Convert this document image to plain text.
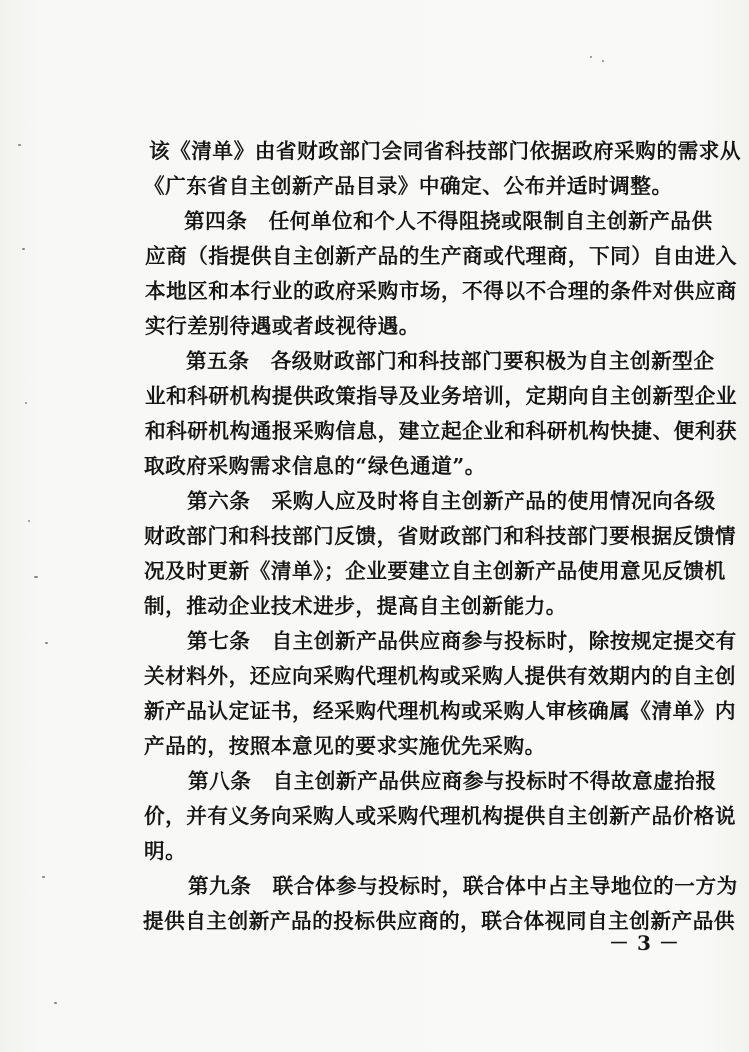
该《清单》由省财政部门会同省科技部门依据政府采购的需求从
《广东省自主创新产品目录》中确定、公布并适时调整。
第四条　任何单位和个人不得阻挠或限制自主创新产品供
应商（指提供自主创新产品的生产商或代理商，下同）自由进入
本地区和本行业的政府采购市场，不得以不合理的条件对供应商
实行差别待遇或者歧视待遇。
第五条　各级财政部门和科技部门要积极为自主创新型企
业和科研机构提供政策指导及业务培训，定期向自主创新型企业
和科研机构通报采购信息，建立起企业和科研机构快捷、便利获
取政府采购需求信息的“绿色通道”。
第六条　采购人应及时将自主创新产品的使用情况向各级
财政部门和科技部门反馈，省财政部门和科技部门要根据反馈情
况及时更新《清单》；企业要建立自主创新产品使用意见反馈机
制，推动企业技术进步，提高自主创新能力。
第七条　自主创新产品供应商参与投标时，除按规定提交有
关材料外，还应向采购代理机构或采购人提供有效期内的自主创
新产品认定证书，经采购代理机构或采购人审核确属《清单》内
产品的，按照本意见的要求实施优先采购。
第八条　自主创新产品供应商参与投标时不得故意虚抬报
价，并有义务向采购人或采购代理机构提供自主创新产品价格说
明。
第九条　联合体参与投标时，联合体中占主导地位的一方为
提供自主创新产品的投标供应商的，联合体视同自主创新产品供
－ 3 －
